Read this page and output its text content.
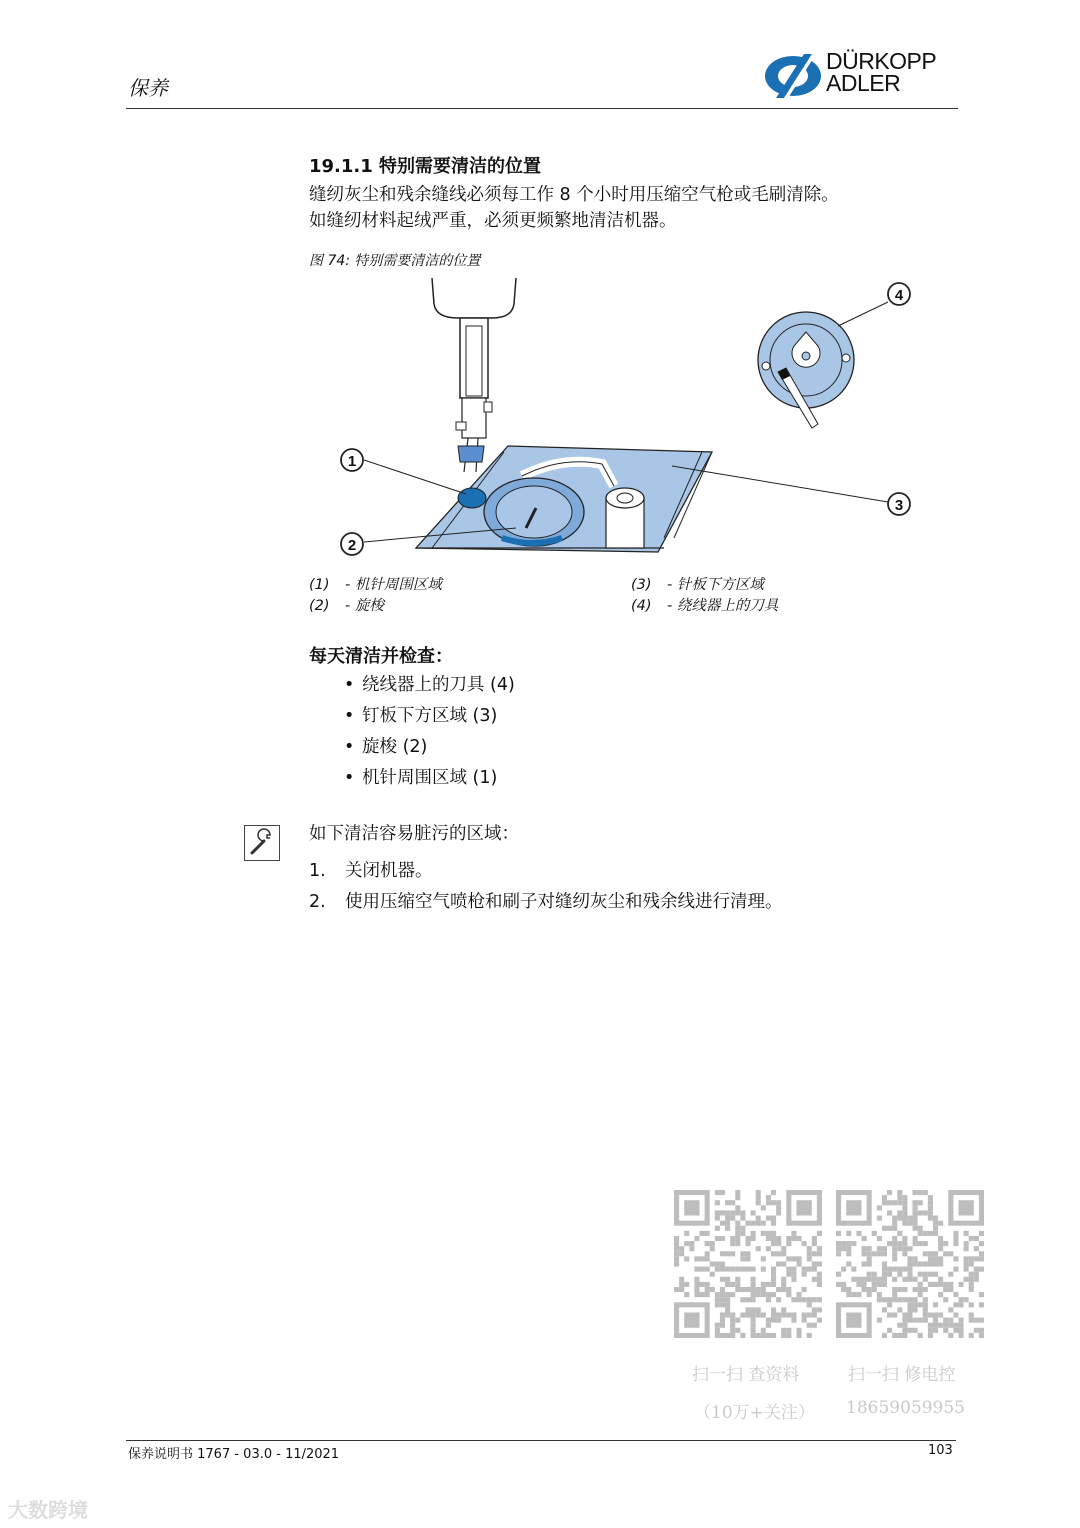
保养
DÜRKOPP
ADLER
19.1.1 特别需要清洁的位置
缝纫灰尘和残余缝线必须每工作 8 个小时用压缩空气枪或毛刷清除。
如缝纫材料起绒严重，必须更频繁地清洁机器。
图 74: 特别需要清洁的位置
1
2
3
4
(1) - 机针周围区域
(2) - 旋梭
(3) - 针板下方区域
(4) - 绕线器上的刀具
每天清洁并检查：
• 绕线器上的刀具 (4)
• 钉板下方区域 (3)
• 旋梭 (2)
• 机针周围区域 (1)
如下清洁容易脏污的区域：
1. 关闭机器。
2. 使用压缩空气喷枪和刷子对缝纫灰尘和残余线进行清理。
扫一扫 查资料
（10万+关注）
扫一扫 修电控
18659059955
保养说明书 1767 - 03.0 - 11/2021	103
大数跨境
